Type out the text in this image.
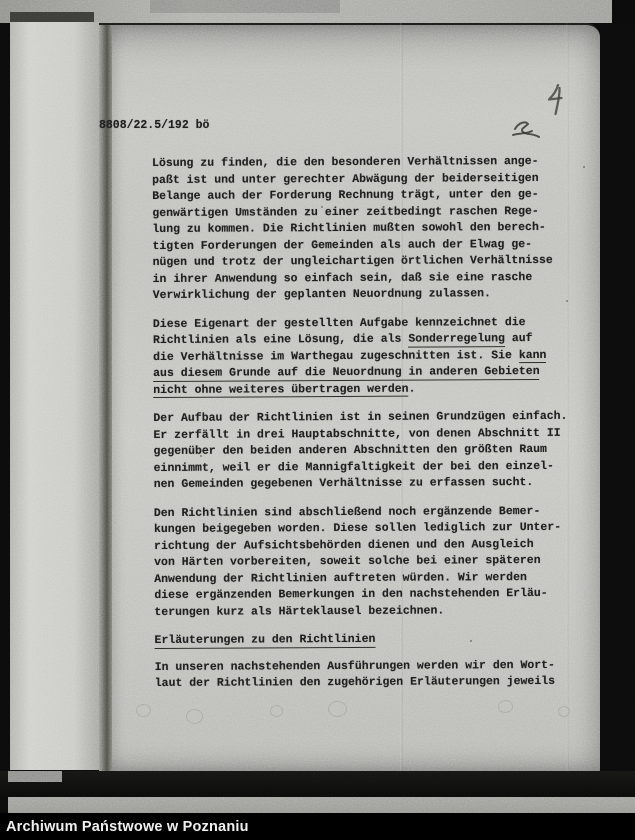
8808/22.5/192 bö
Lösung zu finden, die den besonderen Verhältnissen ange-
paßt ist und unter gerechter Abwägung der beiderseitigen
Belange auch der Forderung Rechnung trägt, unter den ge-
genwärtigen Umständen zu einer zeitbedingt raschen Rege-
lung zu kommen. Die Richtlinien mußten sowohl den berech-
tigten Forderungen der Gemeinden als auch der Elwag ge-
nügen und trotz der ungleichartigen örtlichen Verhältnisse
in ihrer Anwendung so einfach sein, daß sie eine rasche
Verwirklichung der geplanten Neuordnung zulassen.
Diese Eigenart der gestellten Aufgabe kennzeichnet die
Richtlinien als eine Lösung, die als Sonderregelung auf
die Verhältnisse im Warthegau zugeschnitten ist. Sie kann
aus diesem Grunde auf die Neuordnung in anderen Gebieten
nicht ohne weiteres übertragen werden.
Der Aufbau der Richtlinien ist in seinen Grundzügen einfach.
Er zerfällt in drei Hauptabschnitte, von denen Abschnitt II
gegenüber den beiden anderen Abschnitten den größten Raum
einnimmt, weil er die Mannigfaltigkeit der bei den einzel-
nen Gemeinden gegebenen Verhältnisse zu erfassen sucht.
Den Richtlinien sind abschließend noch ergänzende Bemer-
kungen beigegeben worden. Diese sollen lediglich zur Unter-
richtung der Aufsichtsbehörden dienen und den Ausgleich
von Härten vorbereiten, soweit solche bei einer späteren
Anwendung der Richtlinien auftreten würden. Wir werden
diese ergänzenden Bemerkungen in den nachstehenden Erläu-
terungen kurz als Härteklausel bezeichnen.
Erläuterungen zu den Richtlinien
In unseren nachstehenden Ausführungen werden wir den Wort-
laut der Richtlinien den zugehörigen Erläuterungen jeweils
Archiwum Państwowe w Poznaniu
